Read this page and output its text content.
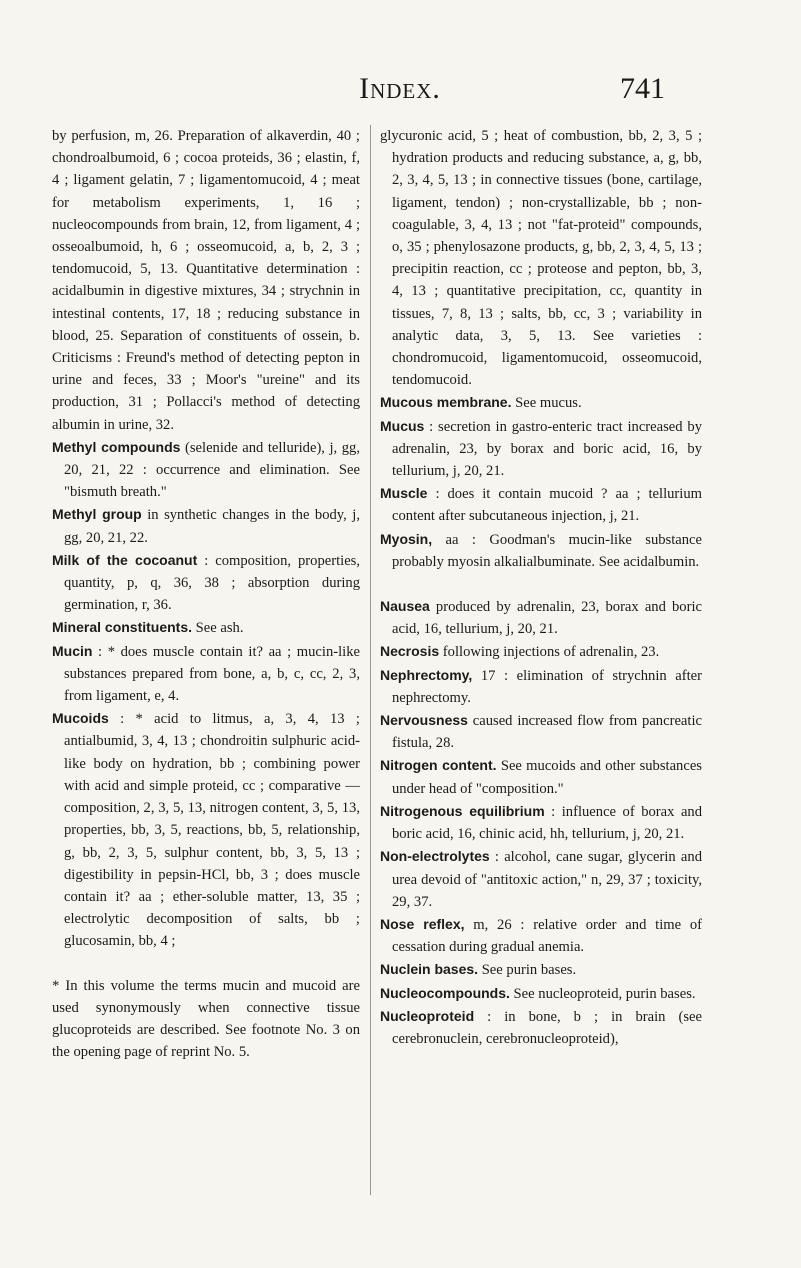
Index.	741

by perfusion, m, 26. Preparation of alkaverdin, 40 ; chondroalbumoid, 6 ; cocoa proteids, 36 ; elastin, f, 4 ; ligament gelatin, 7 ; ligamentomucoid, 4 ; meat for metabolism experiments, 1, 16 ; nucleocompounds from brain, 12, from ligament, 4 ; osseoalbumoid, h, 6 ; osseomucoid, a, b, 2, 3 ; tendomucoid, 5, 13. Quantitative determination : acidalbumin in digestive mixtures, 34 ; strychnin in intestinal contents, 17, 18 ; reducing substance in blood, 25. Separation of constituents of ossein, b. Criticisms : Freund's method of detecting pepton in urine and feces, 33 ; Moor's "ureine" and its production, 31 ; Pollacci's method of detecting albumin in urine, 32.

Methyl compounds (selenide and telluride), j, gg, 20, 21, 22 : occurrence and elimination. See "bismuth breath."

Methyl group in synthetic changes in the body, j, gg, 20, 21, 22.

Milk of the cocoanut : composition, properties, quantity, p, q, 36, 38 ; absorption during germination, r, 36.

Mineral constituents. See ash.

Mucin : * does muscle contain it? aa ; mucin-like substances prepared from bone, a, b, c, cc, 2, 3, from ligament, e, 4.

Mucoids : * acid to litmus, a, 3, 4, 13 ; antialbumid, 3, 4, 13 ; chondroitin sulphuric acid-like body on hydration, bb ; combining power with acid and simple proteid, cc ; comparative — composition, 2, 3, 5, 13, nitrogen content, 3, 5, 13, properties, bb, 3, 5, reactions, bb, 5, relationship, g, bb, 2, 3, 5, sulphur content, bb, 3, 5, 13 ; digestibility in pepsin-HCl, bb, 3 ; does muscle contain it? aa ; ether-soluble matter, 13, 35 ; electrolytic decomposition of salts, bb ; glucosamin, bb, 4 ;

* In this volume the terms mucin and mucoid are used synonymously when connective tissue glucoproteids are described. See footnote No. 3 on the opening page of reprint No. 5.

glycuronic acid, 5 ; heat of combustion, bb, 2, 3, 5 ; hydration products and reducing substance, a, g, bb, 2, 3, 4, 5, 13 ; in connective tissues (bone, cartilage, ligament, tendon) ; non-crystallizable, bb ; non-coagulable, 3, 4, 13 ; not "fat-proteid" compounds, o, 35 ; phenylosazone products, g, bb, 2, 3, 4, 5, 13 ; precipitin reaction, cc ; proteose and pepton, bb, 3, 4, 13 ; quantitative precipitation, cc, quantity in tissues, 7, 8, 13 ; salts, bb, cc, 3 ; variability in analytic data, 3, 5, 13. See varieties : chondromucoid, ligamentomucoid, osseomucoid, tendomucoid.

Mucous membrane. See mucus.

Mucus : secretion in gastro-enteric tract increased by adrenalin, 23, by borax and boric acid, 16, by tellurium, j, 20, 21.

Muscle : does it contain mucoid ? aa ; tellurium content after subcutaneous injection, j, 21.

Myosin, aa : Goodman's mucin-like substance probably myosin alkalialbuminate. See acidalbumin.

Nausea produced by adrenalin, 23, borax and boric acid, 16, tellurium, j, 20, 21.

Necrosis following injections of adrenalin, 23.

Nephrectomy, 17 : elimination of strychnin after nephrectomy.

Nervousness caused increased flow from pancreatic fistula, 28.

Nitrogen content. See mucoids and other substances under head of "composition."

Nitrogenous equilibrium : influence of borax and boric acid, 16, chinic acid, hh, tellurium, j, 20, 21.

Non-electrolytes : alcohol, cane sugar, glycerin and urea devoid of "antitoxic action," n, 29, 37 ; toxicity, 29, 37.

Nose reflex, m, 26 : relative order and time of cessation during gradual anemia.

Nuclein bases. See purin bases.

Nucleocompounds. See nucleoproteid, purin bases.

Nucleoproteid : in bone, b ; in brain (see cerebronuclein, cerebronucleoproteid),
